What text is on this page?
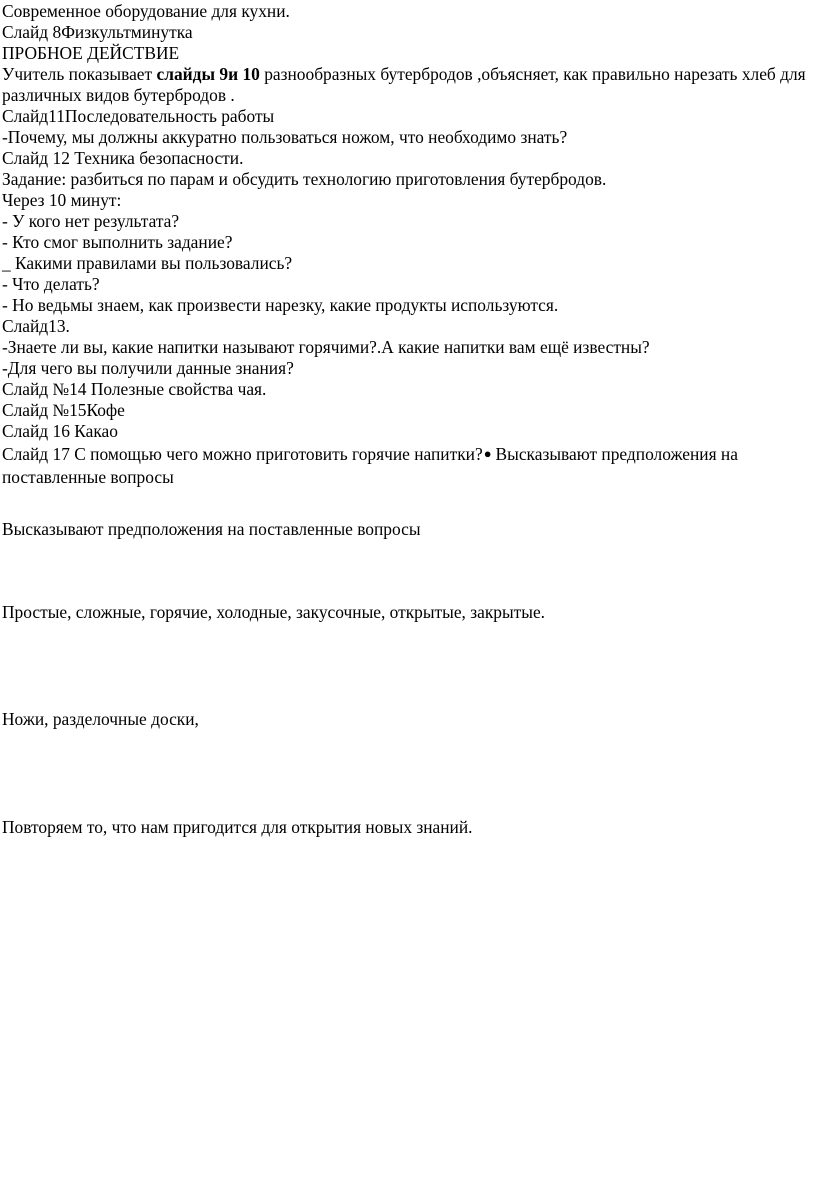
Современное оборудование для кухни.

Слайд 8Физкультминутка

ПРОБНОЕ ДЕЙСТВИЕ

Учитель показывает слайды 9и 10 разнообразных бутербродов ,объясняет, как правильно нарезать хлеб для различных видов бутербродов .

Слайд11Последовательность работы

-Почему, мы должны аккуратно пользоваться ножом, что необходимо знать?

Слайд 12 Техника безопасности.

Задание: разбиться по парам и обсудить технологию приготовления бутербродов.

Через 10 минут:

- У кого нет результата?

- Кто смог выполнить задание?

_ Какими правилами вы пользовались?

- Что делать?

- Но ведьмы знаем, как произвести нарезку, какие продукты используются.

Слайд13.

-Знаете ли вы, какие напитки называют горячими?.А какие напитки вам ещё известны?

-Для чего вы получили данные знания?

Слайд №14 Полезные свойства чая.

Слайд №15Кофе

Слайд 16 Какао

Слайд 17 С помощью чего можно приготовить горячие напитки?● Высказывают предположения на поставленные вопросы

Высказывают предположения на поставленные вопросы

Простые, сложные, горячие, холодные, закусочные, открытые, закрытые.

Ножи, разделочные доски,

Повторяем то, что нам пригодится для открытия новых знаний.
